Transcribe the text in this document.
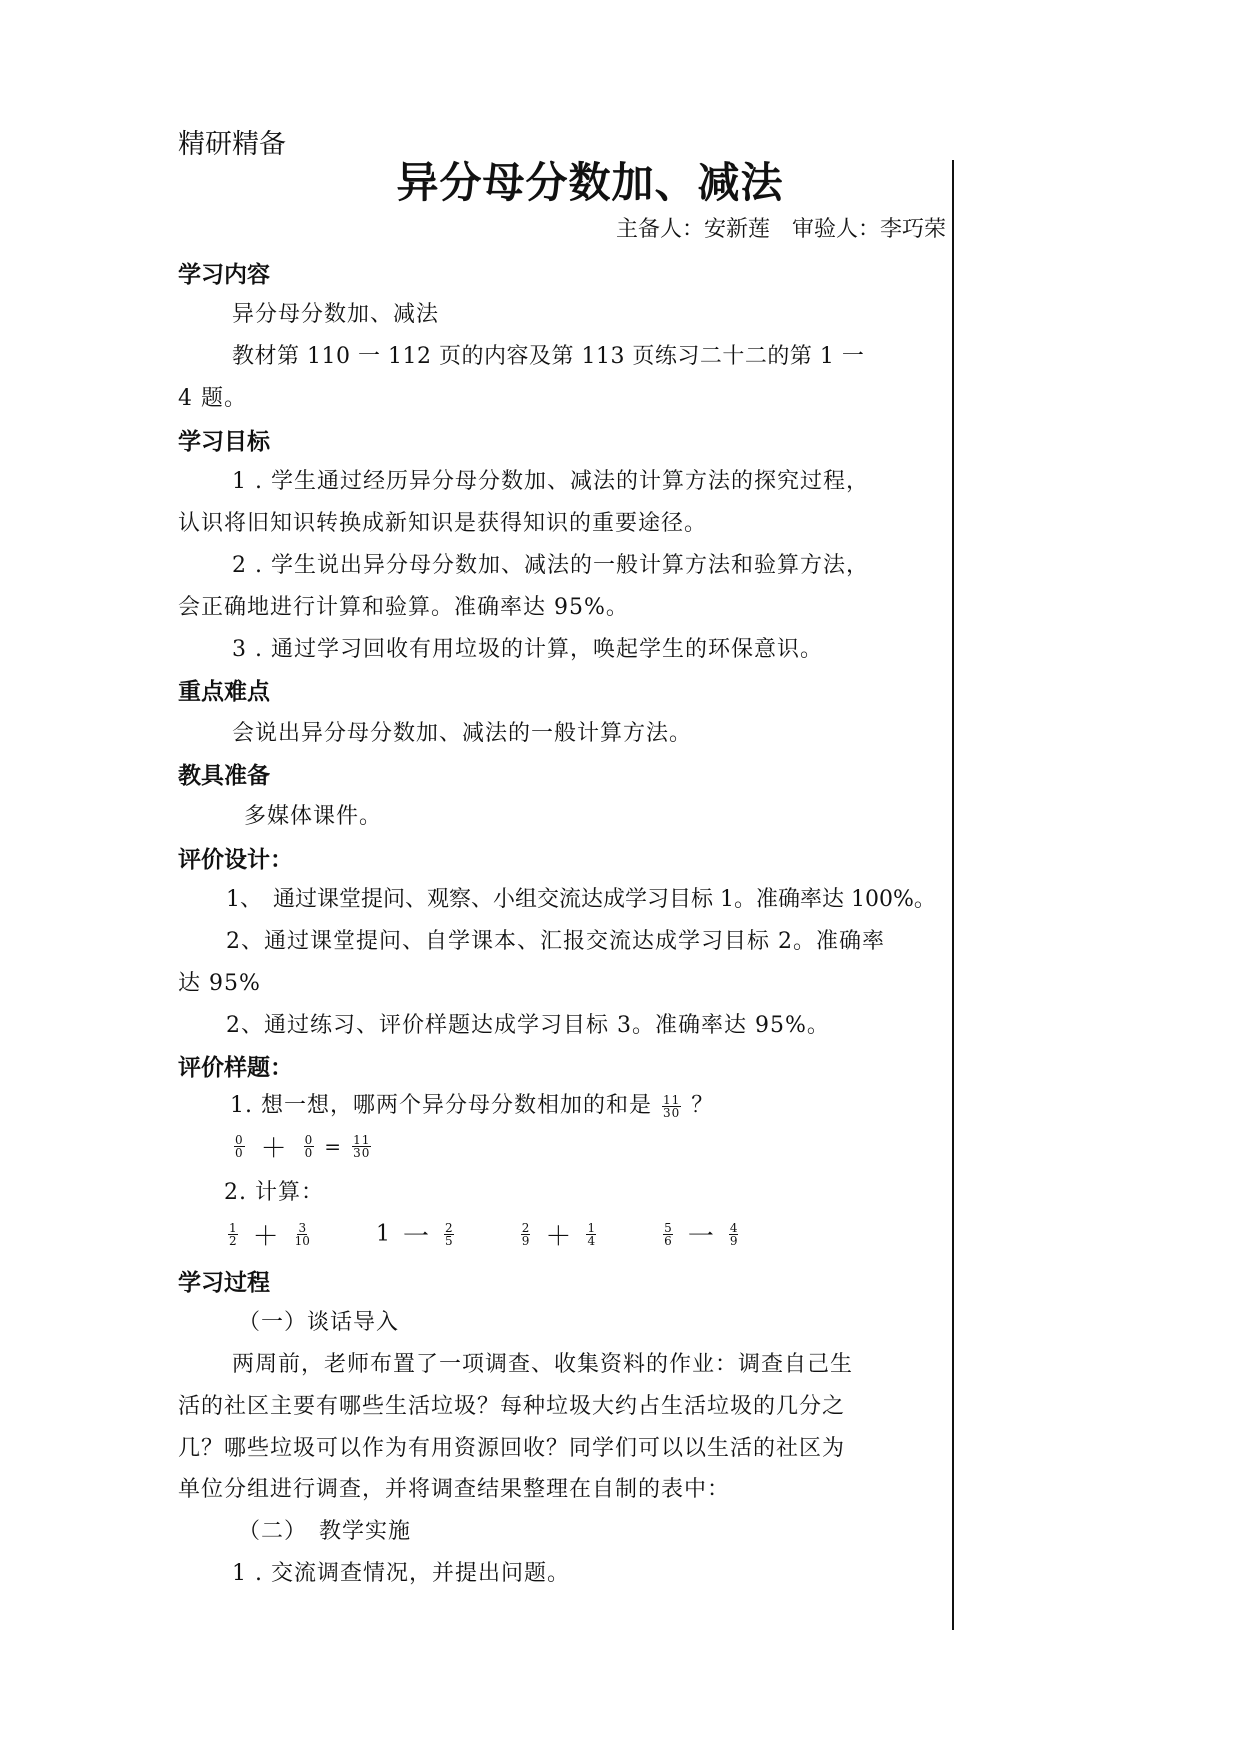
精研精备
异分母分数加、减法
主备人：安新莲　审验人：李巧荣
学习内容
异分母分数加、减法
教材第 110 一 112 页的内容及第 113 页练习二十二的第 1 一
4 题。
学习目标
1 . 学生通过经历异分母分数加、减法的计算方法的探究过程，
认识将旧知识转换成新知识是获得知识的重要途径。
2 . 学生说出异分母分数加、减法的一般计算方法和验算方法，
会正确地进行计算和验算。准确率达 95%。
3 . 通过学习回收有用垃圾的计算，唤起学生的环保意识。
重点难点
会说出异分母分数加、减法的一般计算方法。
教具准备
多媒体课件。
评价设计：
1、　通过课堂提问、观察、小组交流达成学习目标 1。准确率达 100%。
2、通过课堂提问、自学课本、汇报交流达成学习目标 2。准确率
达 95%
2、通过练习、评价样题达成学习目标 3。准确率达 95%。
评价样题：
1. 想一想，哪两个异分母分数相加的和是 $\frac{11}{30}$ ？
$\frac{0}{0} + \frac{0}{0} = \frac{11}{30}$
2. 计算：
$\frac{1}{2} + \frac{3}{10}$	1 一 $\frac{2}{5}$
	$\frac{2}{9} + \frac{1}{4}$
	$\frac{5}{6}$ 一 $\frac{4}{9}$
学习过程
（一）谈话导入
两周前，老师布置了一项调查、收集资料的作业：调查自己生
活的社区主要有哪些生活垃圾？每种垃圾大约占生活垃圾的几分之
几？哪些垃圾可以作为有用资源回收？同学们可以以生活的社区为
单位分组进行调查，并将调查结果整理在自制的表中：
（二）　教学实施
1 . 交流调查情况，并提出问题。
